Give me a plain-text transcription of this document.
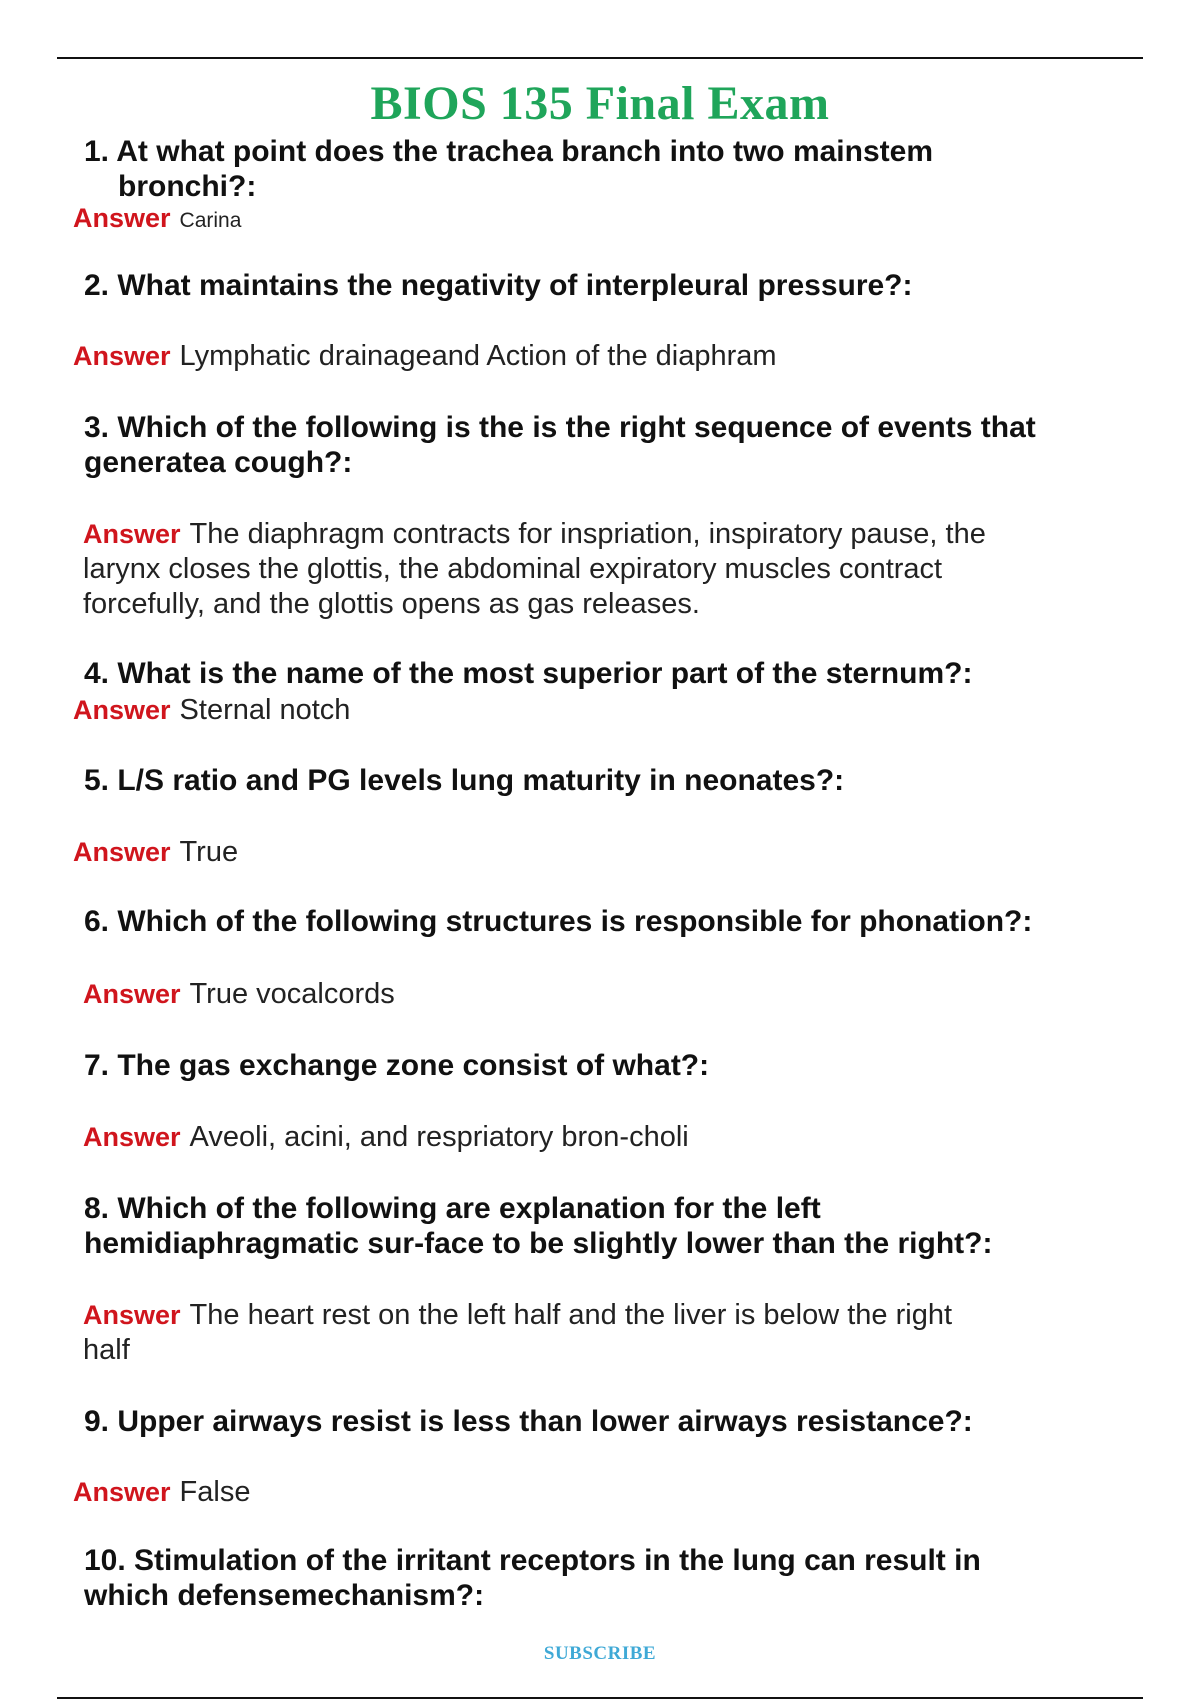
BIOS 135 Final Exam

1. At what point does the trachea branch into two mainstem
bronchi?:

Answer Carina

2. What maintains the negativity of interpleural pressure?:

Answer Lymphatic drainageand Action of the diaphram

3. Which of the following is the is the right sequence of events that
generatea cough?:

Answer The diaphragm contracts for inspriation, inspiratory pause, the
larynx closes the glottis, the abdominal expiratory muscles contract
forcefully, and the glottis opens as gas releases.

4. What is the name of the most superior part of the sternum?:

Answer Sternal notch

5. L/S ratio and PG levels lung maturity in neonates?:

Answer True

6. Which of the following structures is responsible for phonation?:

Answer True vocalcords

7. The gas exchange zone consist of what?:

Answer Aveoli, acini, and respriatory bron-choli

8. Which of the following are explanation for the left
hemidiaphragmatic sur-face to be slightly lower than the right?:

Answer The heart rest on the left half and the liver is below the right
half

9. Upper airways resist is less than lower airways resistance?:

Answer False

10. Stimulation of the irritant receptors in the lung can result in
which defensemechanism?:

SUBSCRIBE
